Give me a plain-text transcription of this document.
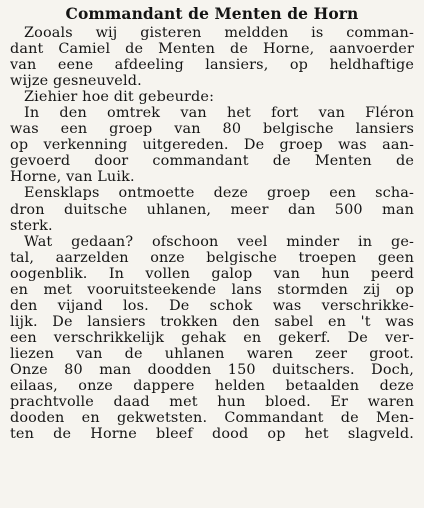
Commandant de Menten de Horn

Zooals wij gisteren meldden is comman-
dant Camiel de Menten de Horne, aanvoerder
van eene afdeeling lansiers, op heldhaftige
wijze gesneuveld.

Ziehier hoe dit gebeurde:

In den omtrek van het fort van Fléron
was een groep van 80 belgische lansiers
op verkenning uitgereden. De groep was aan-
gevoerd door commandant de Menten de
Horne, van Luik.

Eensklaps ontmoette deze groep een scha-
dron duitsche uhlanen, meer dan 500 man
sterk.

Wat gedaan? ofschoon veel minder in ge-
tal, aarzelden onze belgische troepen geen
oogenblik. In vollen galop van hun peerd
en met vooruitsteekende lans stormden zij op
den vijand los. De schok was verschrikke-
lijk. De lansiers trokken den sabel en 't was
een verschrikkelijk gehak en gekerf. De ver-
liezen van de uhlanen waren zeer groot.
Onze 80 man doodden 150 duitschers. Doch,
eilaas, onze dappere helden betaalden deze
prachtvolle daad met hun bloed. Er waren
dooden en gekwetsten. Commandant de Men-
ten de Horne bleef dood op het slagveld.
